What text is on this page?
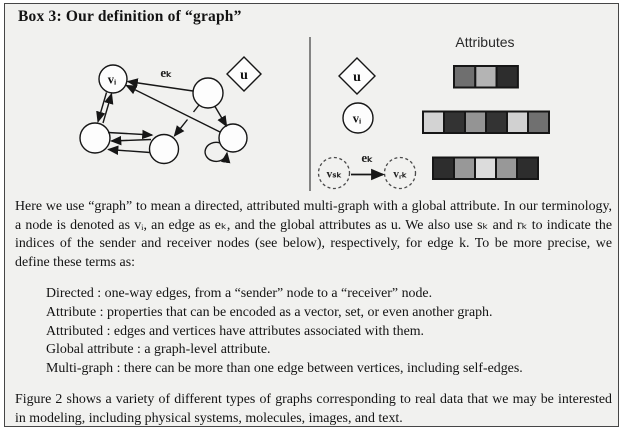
Box 3: Our definition of “graph”
vᵢ	eₖ	u
Attributes
u
vᵢ
vₛₖ	vᵣₖ
eₖ

Here we use “graph” to mean a directed, attributed multi-graph with a global attribute. In our terminology, a node is denoted as vᵢ, an edge as eₖ, and the global attributes as u. We also use sₖ and rₖ to indicate the indices of the sender and receiver nodes (see below), respectively, for edge k. To be more precise, we define these terms as:

Directed : one-way edges, from a “sender” node to a “receiver” node.
Attribute : properties that can be encoded as a vector, set, or even another graph.
Attributed : edges and vertices have attributes associated with them.
Global attribute : a graph-level attribute.
Multi-graph : there can be more than one edge between vertices, including self-edges.

Figure 2 shows a variety of different types of graphs corresponding to real data that we may be interested in modeling, including physical systems, molecules, images, and text.
